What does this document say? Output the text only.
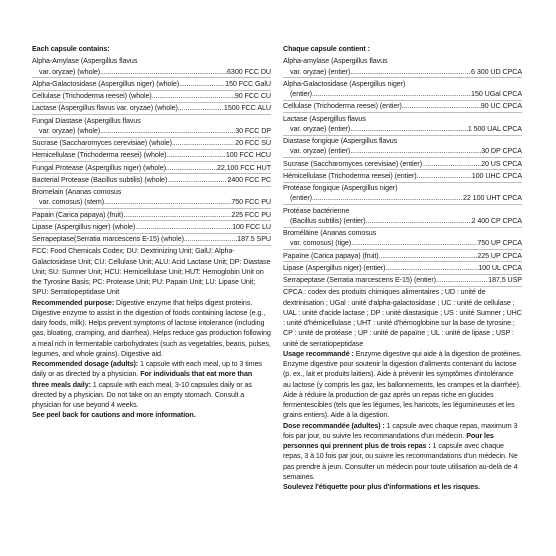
Each capsule contains:
Alpha-Amylase (Aspergillus flavus
var. oryzae) (whole) .....	6300 FCC DU
Alpha-Galactosidase (Aspergillus niger) (whole) .....	150 FCC GalU
Cellulase (Trichoderma reesei) (whole) .....	90 FCC CU
Lactase (Aspergillus flavus var. oryzae) (whole) .....	1500 FCC ALU
Fungal Diastase (Aspergillus flavus
var. oryzae) (whole) .....	30 FCC DP
Sucrase (Saccharomyces cerevisiae) (whole) .....	20 FCC SU
Hemicellulase (Trichoderma reesei) (whole) .....	100 FCC HCU
Fungal Protease (Aspergillus niger) (whole) .....	22,100 FCC HUT
Bacterial Protease (Bacillus subtilis) (whole) .....	2400 FCC PC
Bromelain (Ananas comosus
var. comosus) (stem) .....	750 FCC PU
Papain (Carica papaya) (fruit) .....	225 FCC PU
Lipase (Aspergillus niger) (whole) .....	100 FCC LU
Serrapeptase(Serratia marcescens E-15) (whole) .....	187.5 SPU

FCC: Food Chemicals Codex; DU: Dextrinizing Unit; GalU: Alpha-Galactosidase Unit; CU: Cellulase Unit; ALU: Acid Lactase Unit; DP: Diastase Unit; SU: Sumner Unit; HCU: Hemicellulase Unit; HUT: Hemoglobin Unit on the Tyrosine Basis; PC: Protease Unit; PU: Papain Unit; LU: Lipase Unit; SPU: Serratiopeptidase Unit

Recommended purpose: Digestive enzyme that helps digest proteins. Digestive enzyme to assist in the digestion of foods containing lactose (e.g., dairy foods, milk). Helps prevent symptoms of lactose intolerance (including gas, bloating, cramping, and diarrhea). Helps reduce gas production following a meal rich in fermentable carbohydrates (such as vegetables, beans, pulses, legumes, and whole grains). Digestive aid.

Recommended dosage (adults): 1 capsule with each meal, up to 3 times daily or as directed by a physician. For individuals that eat more than three meals daily: 1 capsule with each meal, 3-10 capsules daily or as directed by a physician. Do not take on an empty stomach. Consult a physician for use beyond 4 weeks.

See peel back for cautions and more information.

Chaque capsule contient :
Alpha-amylase (Aspergillus flavus
var. oryzae) (entier) .....	6 300 UD CPCA
Alpha-Galactosidase (Aspergillus niger)
(entier) .....	150 UGal CPCA
Cellulase (Trichoderma reesei) (entier) .....	90 UC CPCA
Lactase (Aspergillus flavus
var. oryzae) (entier) .....	1 500 UAL CPCA
Diastase fongique (Aspergillus flavus
var. oryzae) (entier) .....	30 DP CPCA
Sucrase (Saccharomyces cerevisiae) (entier) .....	20 US CPCA
Hémicellulase (Trichoderma reesei) (entier) .....	100 UHC CPCA
Protéase fongique (Aspergillus niger)
(entier) .....	22 100 UHT CPCA
Protéase bactérienne
(Bacillus subtilis) (entier) .....	2 400 CP CPCA
Broméläine (Ananas comosus
var. comosus) (tige) .....	750 UP CPCA
Papaïne (Carica papaya) (fruit) .....	225 UP CPCA
Lipase (Aspergillus niger) (entier) .....	100 UL CPCA
Serrapeptase (Serratia marcescens E-15) (entier) .....	187,5 USP

CPCA : codex des produits chimiques alimentaires ; UD : unité de dextrinisation ; UGal : unité d'alpha-galactosidase ; UC : unité de cellulase ; UAL : unité d'acide lactase ; DP : unité diastasique ; US : unité Sumner ; UHC : unité d'hémicellulase ; UHT : unité d'hémoglobine sur la base de tyrosine ; CP : unité de protéase ; UP : unité de papaïne ; UL : unité de lipase ; USP : unité de serratiopeptidase

Usage recommandé : Enzyme digestive qui aide à la digestion de protéines. Enzyme digestive pour soutenir la digestion d'aliments contenant du lactose (p. ex., lait et produits laitiers). Aide à prévenir les symptômes d'intolérance au lactose (y compris les gaz, les ballonnements, les crampes et la diarrhée). Aide à réduire la production de gaz après un repas riche en glucides fermentescibles (tels que les légumes, les haricots, les légumineuses et les grains entiers). Aide à la digestion.

Dose recommandée (adultes) : 1 capsule avec chaque repas, maximum 3 fois par jour, ou suivre les recommandations d'un médecin. Pour les personnes qui prennent plus de trois repas : 1 capsule avec chaque repas, 3 à 10 fois par jour, ou suivre les recommandations d'un médecin. Ne pas prendre à jeun. Consulter un médecin pour toute utilisation au-delà de 4 semaines.

Soulevez l'étiquette pour plus d'informations et les risques.
